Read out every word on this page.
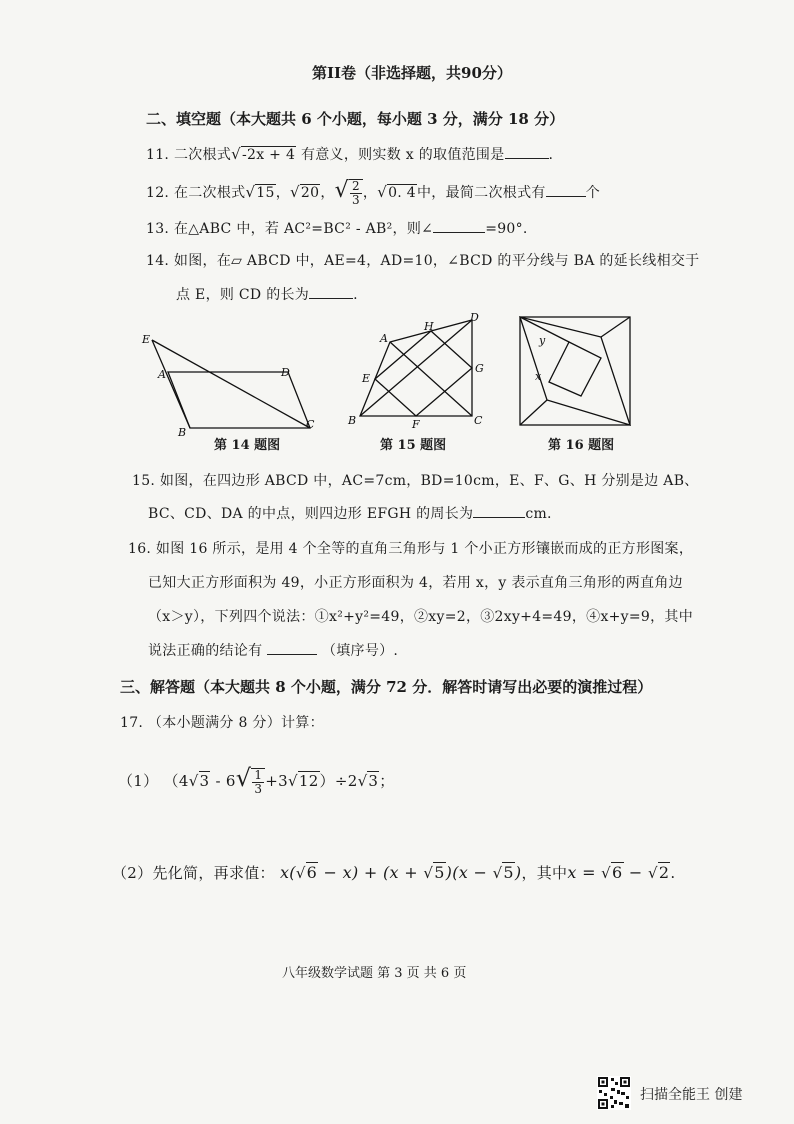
第II卷（非选择题，共90分）
二、填空题（本大题共 6 个小题，每小题 3 分，满分 18 分）
11. 二次根式√-2x + 4 有意义，则实数 x 的取值范围是	.
12. 在二次根式√15，√20，√ $\frac{2}{3}$ ，√0. 4中，最简二次根式有	个
13. 在△ABC 中，若 AC²=BC² - AB²，则∠	=90°.
14. 如图，在▱ ABCD 中，AE=4，AD=10，∠BCD 的平分线与 BA 的延长线相交于
点 E，则 CD 的长为	.
E
A	D
B
C
第 14 题图
A
H
D
E
G
B	F	C
第 15 题图
y
x
第 16 题图
15. 如图，在四边形 ABCD 中，AC=7cm，BD=10cm，E、F、G、H 分别是边 AB、
BC、CD、DA 的中点，则四边形 EFGH 的周长为	cm.
16. 如图 16 所示，是用 4 个全等的直角三角形与 1 个小正方形镶嵌而成的正方形图案，
已知大正方形面积为 49，小正方形面积为 4，若用 x，y 表示直角三角形的两直角边
（x＞y），下列四个说法：①x²+y²=49，②xy=2，③2xy+4=49，④x+y=9，其中
说法正确的结论有	（填序号）.
三、解答题（本大题共 8 个小题，满分 72 分．解答时请写出必要的演推过程）
17. （本小题满分 8 分）计算：
（1） $(4√3 - 6√ \frac{1}{3} +3√12)\div 2√3$；
（2）先化简，再求值： x(√6 − x) + (x + √5)(x − √5)，其中x = √6 − √2.
八年级数学试题 第 3 页 共 6 页
扫描全能王 创建
